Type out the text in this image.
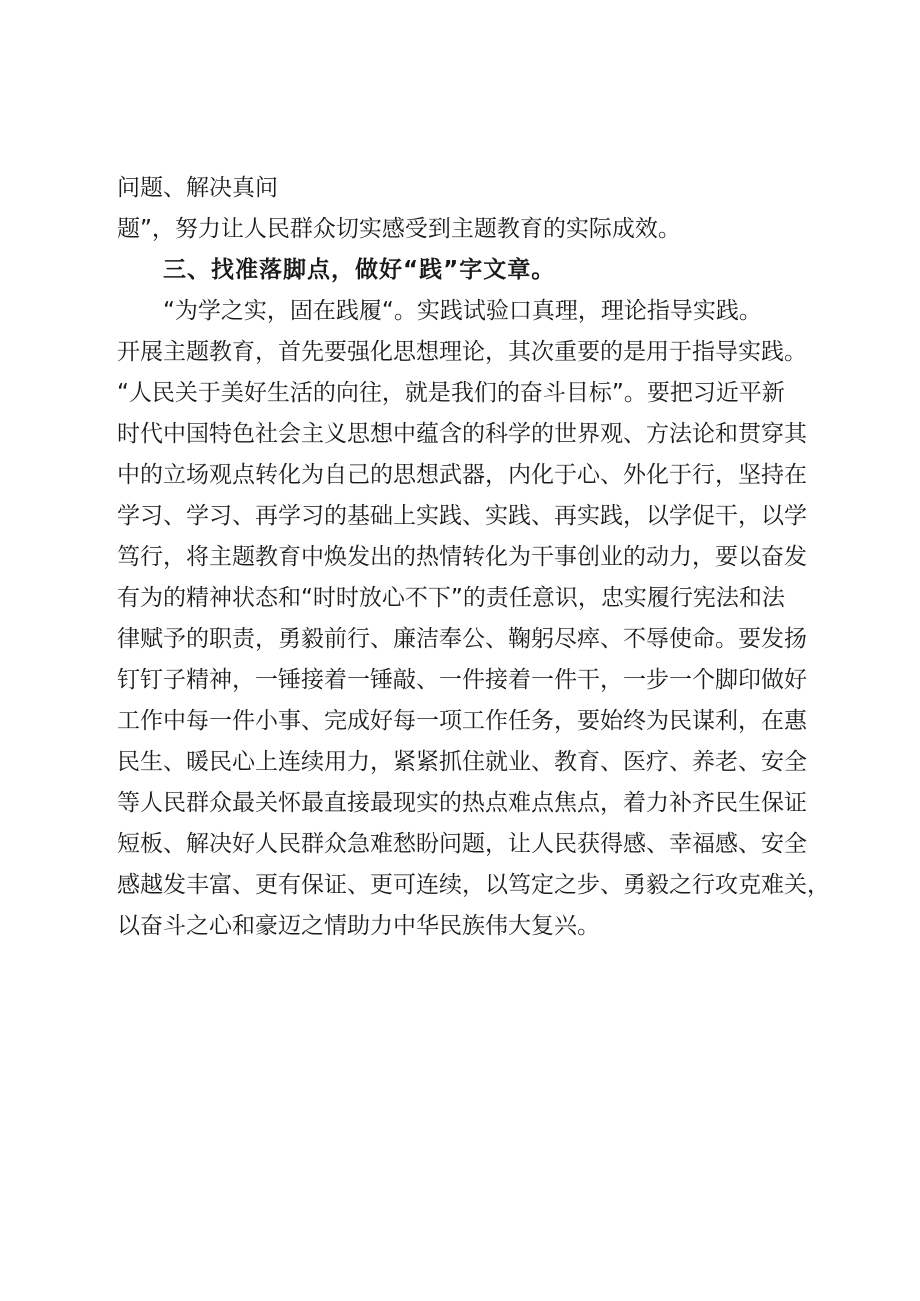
问题、解决真问
题”，努力让人民群众切实感受到主题教育的实际成效。
三、找准落脚点，做好“践”字文章。
“为学之实，固在践履“。实践试验口真理，理论指导实践。
开展主题教育，首先要强化思想理论，其次重要的是用于指导实践。
“人民关于美好生活的向往，就是我们的奋斗目标”。要把习近平新
时代中国特色社会主义思想中蕴含的科学的世界观、方法论和贯穿其
中的立场观点转化为自己的思想武器，内化于心、外化于行，坚持在
学习、学习、再学习的基础上实践、实践、再实践，以学促干，以学
笃行，将主题教育中焕发出的热情转化为干事创业的动力，要以奋发
有为的精神状态和“时时放心不下”的责任意识，忠实履行宪法和法
律赋予的职责，勇毅前行、廉洁奉公、鞠躬尽瘁、不辱使命。要发扬
钉钉子精神，一锤接着一锤敲、一件接着一件干，一步一个脚印做好
工作中每一件小事、完成好每一项工作任务，要始终为民谋利，在惠
民生、暖民心上连续用力，紧紧抓住就业、教育、医疗、养老、安全
等人民群众最关怀最直接最现实的热点难点焦点，着力补齐民生保证
短板、解决好人民群众急难愁盼问题，让人民获得感、幸福感、安全
感越发丰富、更有保证、更可连续，以笃定之步、勇毅之行攻克难关，
以奋斗之心和豪迈之情助力中华民族伟大复兴。
